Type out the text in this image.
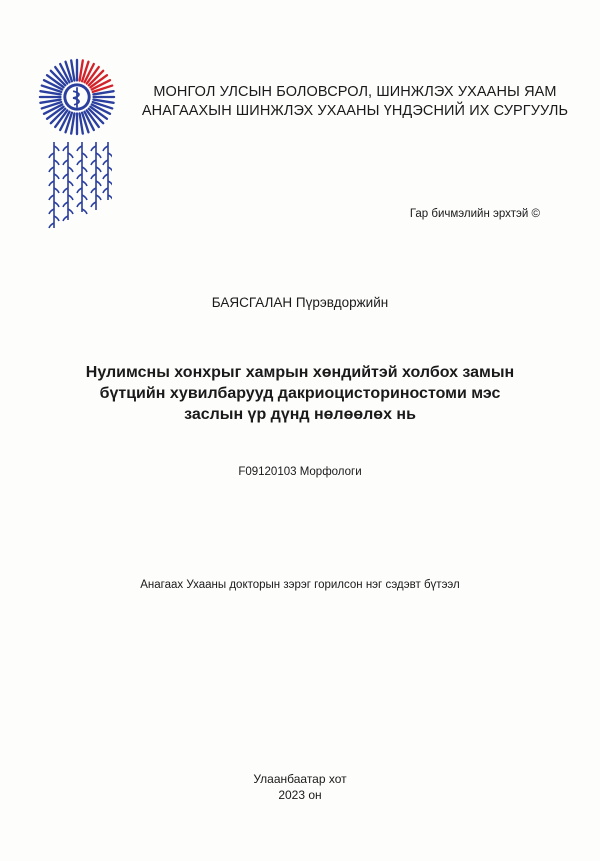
МОНГОЛ УЛСЫН БОЛОВСРОЛ, ШИНЖЛЭХ УХААНЫ ЯАМ
АНАГААХЫН ШИНЖЛЭХ УХААНЫ ҮНДЭСНИЙ ИХ СУРГУУЛЬ
Гар бичмэлийн эрхтэй ©
БАЯСГАЛАН Пүрэвдоржийн
Нулимсны хонхрыг хамрын хөндийтэй холбох замын
бүтцийн хувилбарууд дакриоцисториностоми мэс
заслын үр дүнд нөлөөлөх нь
F09120103 Морфологи
Анагаах Ухааны докторын зэрэг горилсон нэг сэдэвт бүтээл
Улаанбаатар хот
2023 он
